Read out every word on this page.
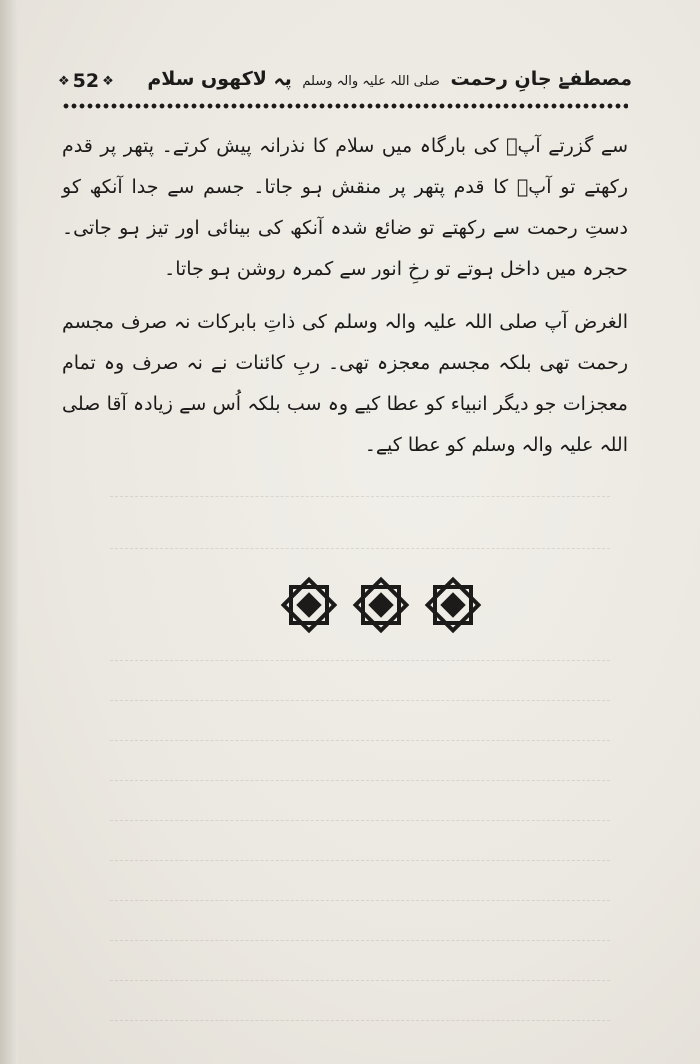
❖ 52 ❖	مصطفےٰ جانِ رحمت صلی اللہ علیہ والہ وسلم پہ لاکھوں سلام

سے گزرتے آپؐ کی بارگاہ میں سلام کا نذرانہ پیش کرتے۔ پتھر پر قدم رکھتے تو آپؐ کا قدم پتھر پر منقش ہو جاتا۔ جسم سے جدا آنکھ کو دستِ رحمت سے رکھتے تو ضائع شدہ آنکھ کی بینائی اور تیز ہو جاتی۔ حجرہ میں داخل ہوتے تو رخِ انور سے کمرہ روشن ہو جاتا۔

الغرض آپ صلی اللہ علیہ والہ وسلم کی ذاتِ بابرکات نہ صرف مجسم رحمت تھی بلکہ مجسم معجزہ تھی۔ ربِ کائنات نے نہ صرف وہ تمام معجزات جو دیگر انبیاء کو عطا کیے وہ سب بلکہ اُس سے زیادہ آقا صلی اللہ علیہ والہ وسلم کو عطا کیے۔
